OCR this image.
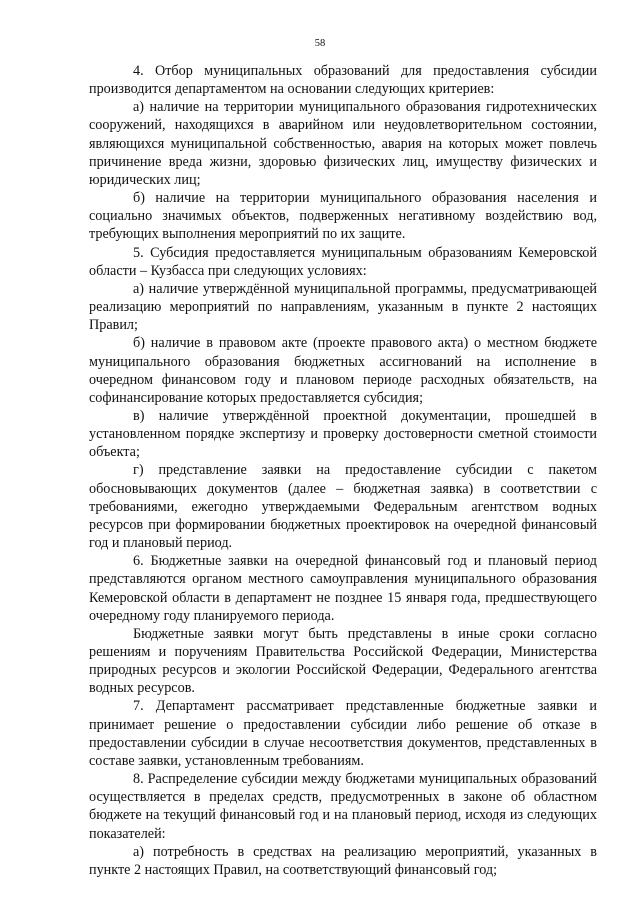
58

4. Отбор муниципальных образований для предоставления субсидии производится департаментом на основании следующих критериев:

а) наличие на территории муниципального образования гидротехнических сооружений, находящихся в аварийном или неудовлетворительном состоянии, являющихся муниципальной собственностью, авария на которых может повлечь причинение вреда жизни, здоровью физических лиц, имуществу физических и юридических лиц;

б) наличие на территории муниципального образования населения и социально значимых объектов, подверженных негативному воздействию вод, требующих выполнения мероприятий по их защите.

5. Субсидия предоставляется муниципальным образованиям Кемеровской области – Кузбасса при следующих условиях:

а) наличие утверждённой муниципальной программы, предусматривающей реализацию мероприятий по направлениям, указанным в пункте 2 настоящих Правил;

б) наличие в правовом акте (проекте правового акта) о местном бюджете муниципального образования бюджетных ассигнований на исполнение в очередном финансовом году и плановом периоде расходных обязательств, на софинансирование которых предоставляется субсидия;

в) наличие утверждённой проектной документации, прошедшей в установленном порядке экспертизу и проверку достоверности сметной стоимости объекта;

г) представление заявки на предоставление субсидии с пакетом обосновывающих документов (далее – бюджетная заявка) в соответствии с требованиями, ежегодно утверждаемыми Федеральным агентством водных ресурсов при формировании бюджетных проектировок на очередной финансовый год и плановый период.

6. Бюджетные заявки на очередной финансовый год и плановый период представляются органом местного самоуправления муниципального образования Кемеровской области в департамент не позднее 15 января года, предшествующего очередному году планируемого периода.

Бюджетные заявки могут быть представлены в иные сроки согласно решениям и поручениям Правительства Российской Федерации, Министерства природных ресурсов и экологии Российской Федерации, Федерального агентства водных ресурсов.

7. Департамент рассматривает представленные бюджетные заявки и принимает решение о предоставлении субсидии либо решение об отказе в предоставлении субсидии в случае несоответствия документов, представленных в составе заявки, установленным требованиям.

8. Распределение субсидии между бюджетами муниципальных образований осуществляется в пределах средств, предусмотренных в законе об областном бюджете на текущий финансовый год и на плановый период, исходя из следующих показателей:

а) потребность в средствах на реализацию мероприятий, указанных в пункте 2 настоящих Правил, на соответствующий финансовый год;
